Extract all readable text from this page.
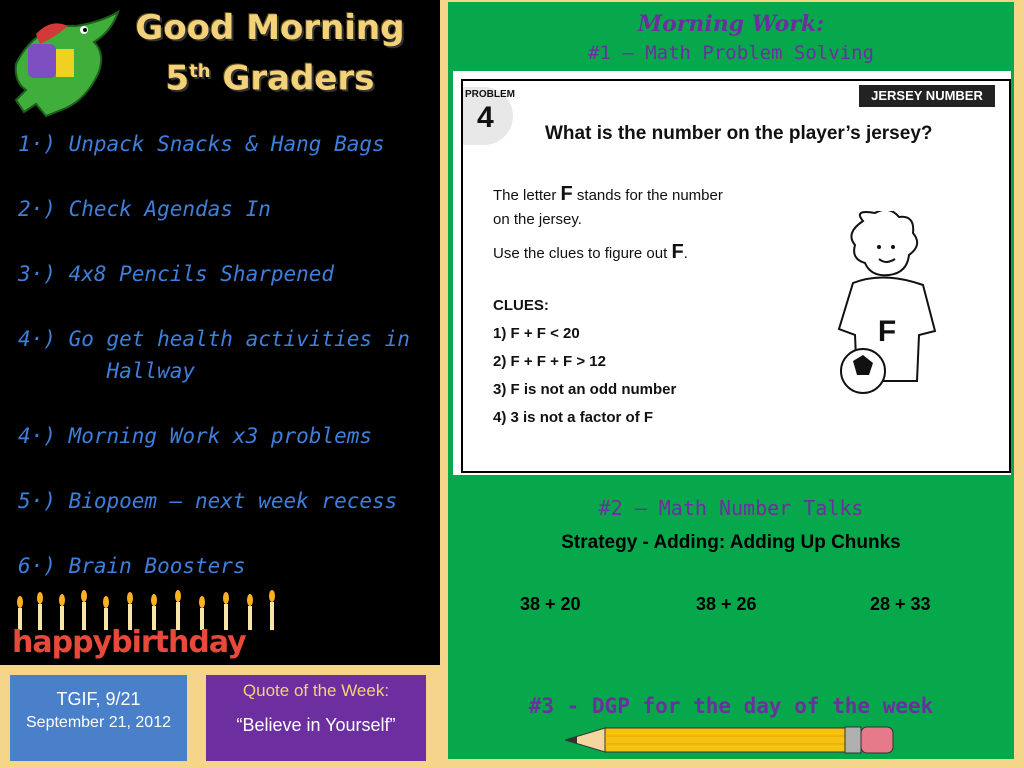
Good Morning
5th Graders
1·) Unpack Snacks & Hang Bags
2·) Check Agendas In
3·) 4x8 Pencils Sharpened
4·) Go get health activities in
Hallway
4·) Morning Work x3 problems
5·) Biopoem – next week recess
6·) Brain Boosters
happybirthday
TGIF, 9/21
September 21, 2012
Quote of the Week:
“Believe in Yourself”
Morning Work:
#1 – Math Problem Solving
#2 – Math Number Talks
Strategy - Adding: Adding Up Chunks
38 + 20	38 + 26	28 + 33
#3 - DGP for the day of the week
PROBLEM
4
JERSEY NUMBER
What is the number on the player’s jersey?
The letter F stands for the number
on the jersey.
Use the clues to figure out F.
CLUES:
1) F + F < 20
2) F + F + F > 12
3) F is not an odd number
4) 3 is not a factor of F
F
